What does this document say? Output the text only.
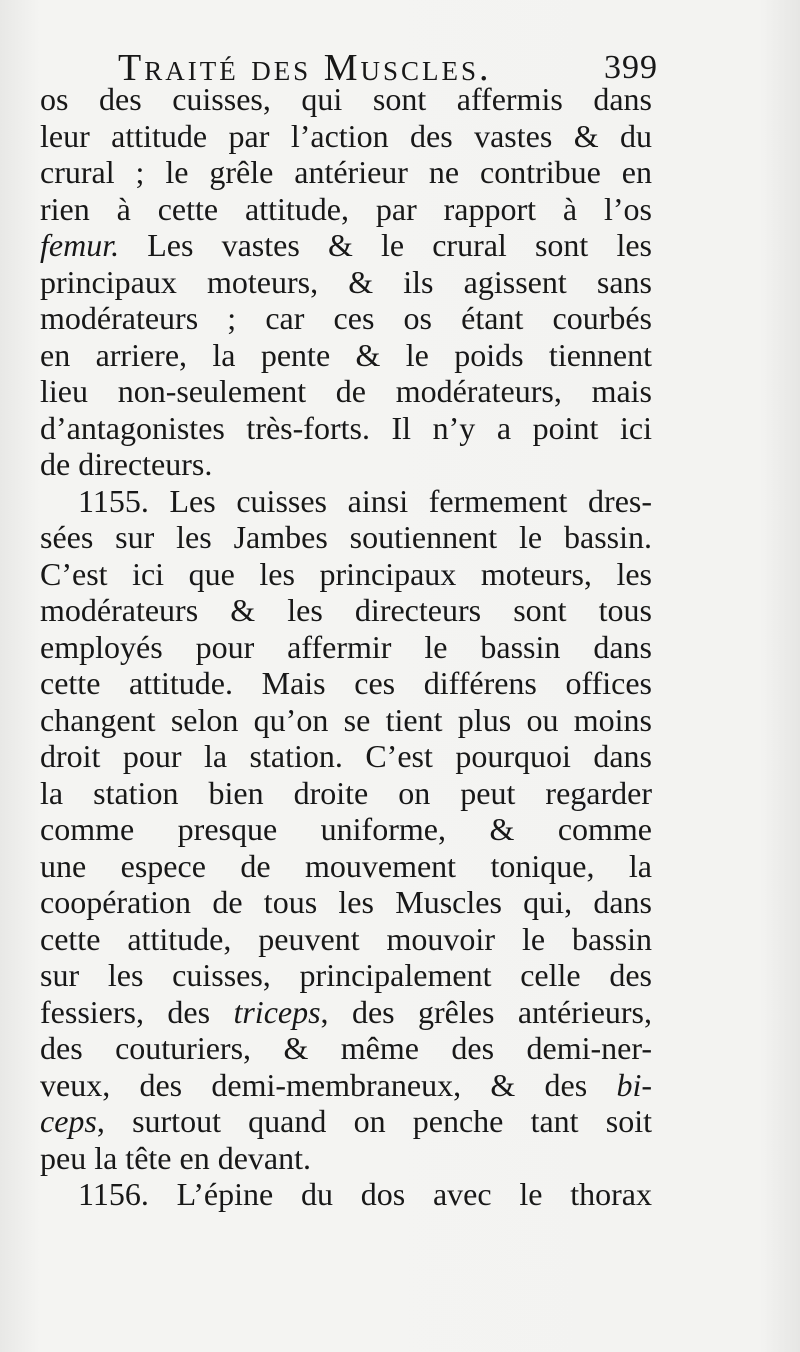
Traité des Muscles.	399
os des cuisses, qui sont affermis dans
leur attitude par l’action des vastes & du
crural ; le grêle antérieur ne contribue en
rien à cette attitude, par rapport à l’os
femur. Les vastes & le crural sont les
principaux moteurs, & ils agissent sans
modérateurs ; car ces os étant courbés
en arriere, la pente & le poids tiennent
lieu non-seulement de modérateurs, mais
d’antagonistes très-forts. Il n’y a point ici
de directeurs.
1155. Les cuisses ainsi fermement dres-
sées sur les Jambes soutiennent le bassin.
C’est ici que les principaux moteurs, les
modérateurs & les directeurs sont tous
employés pour affermir le bassin dans
cette attitude. Mais ces différens offices
changent selon qu’on se tient plus ou moins
droit pour la station. C’est pourquoi dans
la station bien droite on peut regarder
comme presque uniforme, & comme
une espece de mouvement tonique, la
coopération de tous les Muscles qui, dans
cette attitude, peuvent mouvoir le bassin
sur les cuisses, principalement celle des
fessiers, des triceps, des grêles antérieurs,
des couturiers, & même des demi-ner-
veux, des demi-membraneux, & des bi-
ceps, surtout quand on penche tant soit
peu la tête en devant.
1156. L’épine du dos avec le thorax
